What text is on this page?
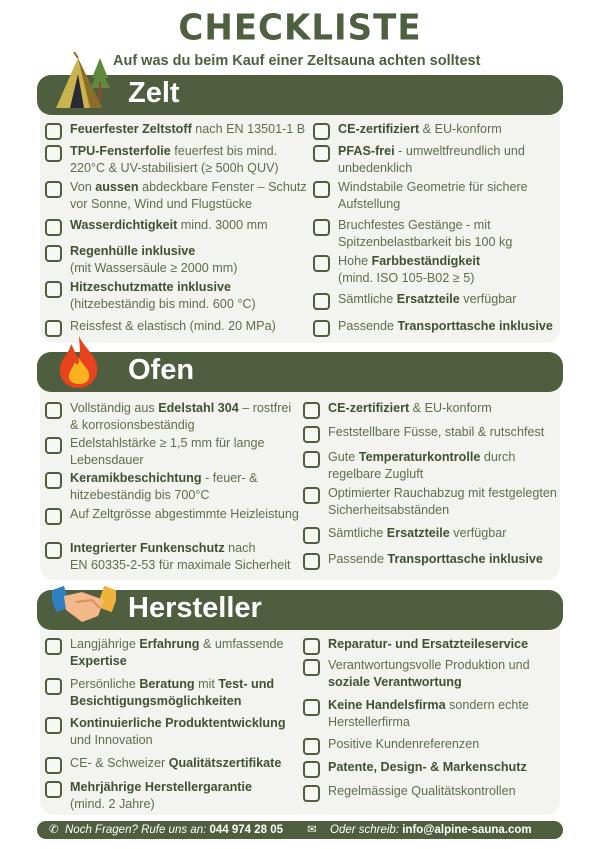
CHECKLISTE
Auf was du beim Kauf einer Zeltsauna achten solltest
Zelt
Ofen
Hersteller
Feuerfester Zeltstoff nach EN 13501-1 B
TPU-Fensterfolie feuerfest bis mind. 220°C & UV-stabilisiert (≥ 500h QUV)
Von aussen abdeckbare Fenster – Schutz vor Sonne, Wind und Flugstücke
Wasserdichtigkeit mind. 3000 mm
Regenhülle inklusive
(mit Wassersäule ≥ 2000 mm)
Hitzeschutzmatte inklusive
(hitzebeständig bis mind. 600 °C)
Reissfest & elastisch (mind. 20 MPa)
CE-zertifiziert & EU-konform
PFAS-frei - umweltfreundlich und unbedenklich
Windstabile Geometrie für sichere Aufstellung
Bruchfestes Gestänge - mit Spitzenbelastbarkeit bis 100 kg
Hohe Farbbeständigkeit
(mind. ISO 105-B02 ≥ 5)
Sämtliche Ersatzteile verfügbar
Passende Transporttasche inklusive
Vollständig aus Edelstahl 304 – rostfrei & korrosionsbeständig
Edelstahlstärke ≥ 1,5 mm für lange Lebensdauer
Keramikbeschichtung - feuer- & hitzebeständig bis 700°C
Auf Zeltgrösse abgestimmte Heizleistung
Integrierter Funkenschutz nach
EN 60335-2-53 für maximale Sicherheit
CE-zertifiziert & EU-konform
Feststellbare Füsse, stabil & rutschfest
Gute Temperaturkontrolle durch regelbare Zugluft
Optimierter Rauchabzug mit festgelegten Sicherheitsabständen
Sämtliche Ersatzteile verfügbar
Passende Transporttasche inklusive
Langjährige Erfahrung & umfassende Expertise
Persönliche Beratung mit Test- und Besichtigungsmöglichkeiten
Kontinuierliche Produktentwicklung und Innovation
CE- & Schweizer Qualitätszertifikate
Mehrjährige Herstellergarantie
(mind. 2 Jahre)
Reparatur- und Ersatzteileservice
Verantwortungsvolle Produktion und soziale Verantwortung
Keine Handelsfirma sondern echte Herstellerfirma
Positive Kundenreferenzen
Patente, Design- & Markenschutz
Regelmässige Qualitätskontrollen
✆ Noch Fragen? Rufe uns an: 044 974 28 05 ✉ Oder schreib: info@alpine-sauna.com
